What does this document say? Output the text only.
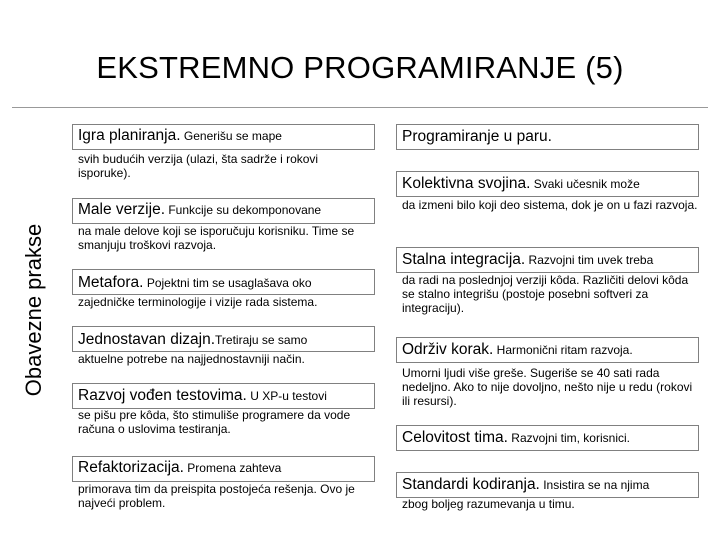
EKSTREMNO PROGRAMIRANJE (5)
Obavezne prakse
Igra planiranja. Generišu se mape
svih budućih verzija (ulazi, šta sadrže i rokovi isporuke).
Male verzije. Funkcije su dekomponovane
na male delove koji se isporučuju korisniku. Time se smanjuju troškovi razvoja.
Metafora. Pojektni tim se usaglašava oko
zajedničke terminologije i vizije rada sistema.
Jednostavan dizajn.Tretiraju se samo
aktuelne potrebe na najjednostavniji način.
Razvoj vođen testovima. U XP-u testovi
se pišu pre kôda, što stimuliše programere da vode računa o uslovima testiranja.
Refaktorizacija. Promena zahteva
primorava tim da preispita postojeća rešenja. Ovo je najveći problem.
Programiranje u paru.
Kolektivna svojina. Svaki učesnik može
da izmeni bilo koji deo sistema, dok je on u fazi razvoja.
Stalna integracija. Razvojni tim uvek treba
da radi na poslednjoj verziji kôda. Različiti delovi kôda se stalno integrišu (postoje posebni softveri za integraciju).
Održiv korak. Harmonični ritam razvoja.
Umorni ljudi više greše. Sugeriše se 40 sati rada nedeljno. Ako to nije dovoljno, nešto nije u redu (rokovi ili resursi).
Celovitost tima. Razvojni tim, korisnici.
Standardi kodiranja. Insistira se na njima
zbog boljeg razumevanja u timu.
